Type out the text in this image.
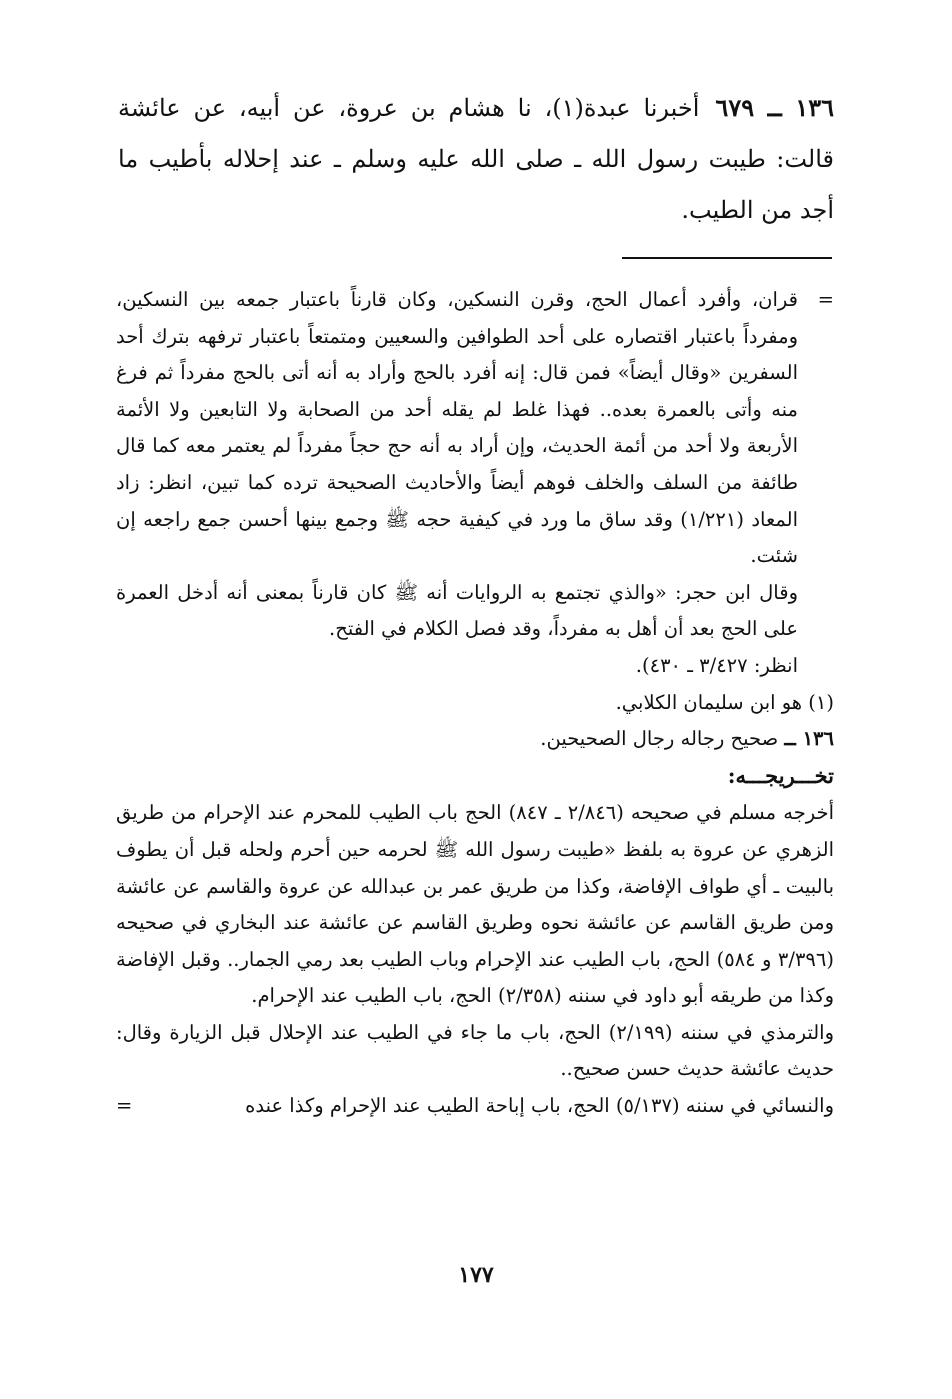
١٣٦ ــ ٦٧٩أخبرنا عبدة(١)، نا هشام بن عروة، عن أبيه، عن عائشة قالت: طيبت رسول الله ـ صلى الله عليه وسلم ـ عند إحلاله بأطيب ما أجد من الطيب.

=
قران، وأفرد أعمال الحج، وقرن النسكين، وكان قارناً باعتبار جمعه بين النسكين، ومفرداً باعتبار اقتصاره على أحد الطوافين والسعيين ومتمتعاً باعتبار ترفهه بترك أحد السفرين «وقال أيضاً» فمن قال: إنه أفرد بالحج وأراد به أنه أتى بالحج مفرداً ثم فرغ منه وأتى بالعمرة بعده.. فهذا غلط لم يقله أحد من الصحابة ولا التابعين ولا الأئمة الأربعة ولا أحد من أئمة الحديث، وإن أراد به أنه حج حجاً مفرداً لم يعتمر معه كما قال طائفة من السلف والخلف فوهم أيضاً والأحاديث الصحيحة ترده كما تبين، انظر: زاد المعاد (١/٢٢١) وقد ساق ما ورد في كيفية حجه ﷺ وجمع بينها أحسن جمع راجعه إن شئت.

وقال ابن حجر: «والذي تجتمع به الروايات أنه ﷺ كان قارناً بمعنى أنه أدخل العمرة على الحج بعد أن أهل به مفرداً، وقد فصل الكلام في الفتح.

انظر: ٣/٤٢٧ ـ ٤٣٠).

(١) هو ابن سليمان الكلابي.

١٣٦ ــ صحيح رجاله رجال الصحيحين.

تخـــريجـــه:

أخرجه مسلم في صحيحه (٢/٨٤٦ ـ ٨٤٧) الحج باب الطيب للمحرم عند الإحرام من طريق الزهري عن عروة به بلفظ «طيبت رسول الله ﷺ لحرمه حين أحرم ولحله قبل أن يطوف بالبيت ـ أي طواف الإفاضة، وكذا من طريق عمر بن عبدالله عن عروة والقاسم عن عائشة ومن طريق القاسم عن عائشة نحوه وطريق القاسم عن عائشة عند البخاري في صحيحه (٣/٣٩٦ و ٥٨٤) الحج، باب الطيب عند الإحرام وباب الطيب بعد رمي الجمار.. وقبل الإفاضة وكذا من طريقه أبو داود في سننه (٢/٣٥٨) الحج، باب الطيب عند الإحرام.

والترمذي في سننه (٢/١٩٩) الحج، باب ما جاء في الطيب عند الإحلال قبل الزيارة وقال: حديث عائشة حديث حسن صحيح..

والنسائي في سننه (٥/١٣٧) الحج، باب إباحة الطيب عند الإحرام وكذا عنده
=

١٧٧
